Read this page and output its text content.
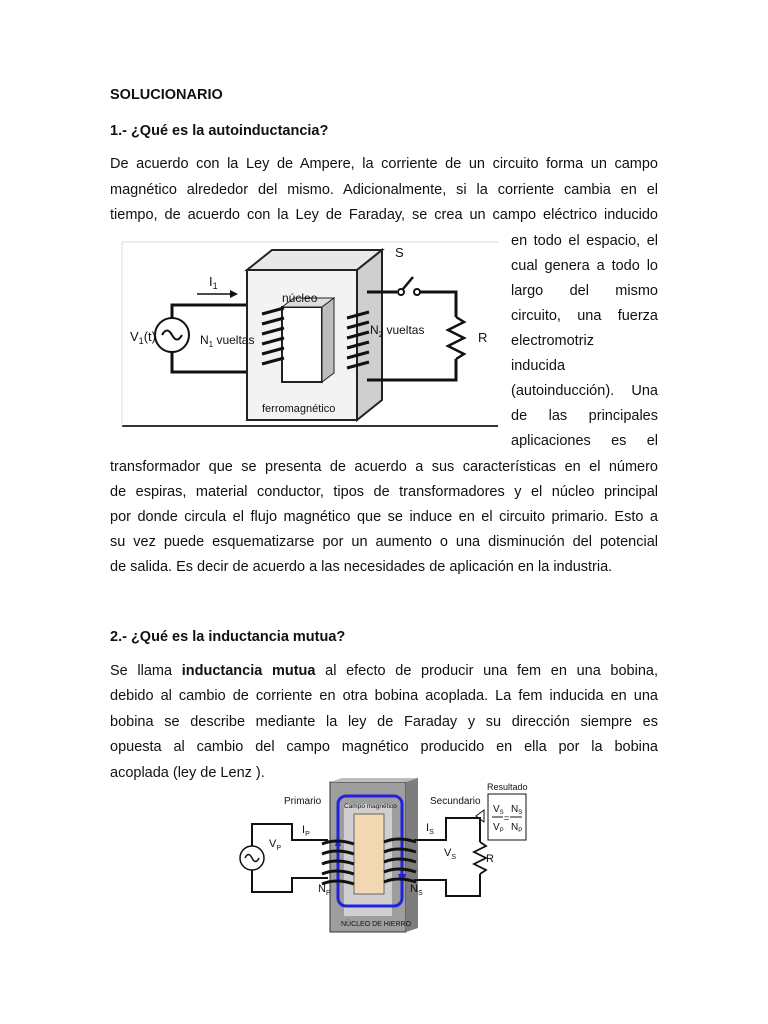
SOLUCIONARIO
1.- ¿Qué es la autoinductancia?
De acuerdo con la Ley de Ampere, la corriente de un circuito forma un campo
magnético alrededor del mismo. Adicionalmente, si la corriente cambia en el
tiempo, de acuerdo con la Ley de Faraday, se crea un campo eléctrico inducido
en todo el espacio, el
cual genera a todo lo
largo del mismo
circuito, una fuerza
electromotriz
inducida
(autoinducción). Una
de las principales
aplicaciones es el
transformador que se presenta de acuerdo a sus características en el número
de espiras, material conductor, tipos de transformadores y el núcleo principal
por donde circula el flujo magnético que se induce en el circuito primario. Esto a
su vez puede esquematizarse por un aumento o una disminución del potencial
de salida. Es decir de acuerdo a las necesidades de aplicación en la industria.
$V_1(t)$
$I_1$
núcleo
$N_1$ vueltas
$N_2$ vueltas
S
R
ferromagnético
2.- ¿Qué es la inductancia mutua?
Se llama inductancia mutua al efecto de producir una fem en una bobina,
debido al cambio de corriente en otra bobina acoplada. La fem inducida en una
bobina se describe mediante la ley de Faraday y su dirección siempre es
opuesta al cambio del campo magnético producido en ella por la bobina
acoplada (ley de Lenz ).
Primario	Secundario
Campo magnético
Resultado
$V_P$
$I_P$
$N_P$
$I_S$
$V_S$
$N_S$
R
NÚCLEO DE HIERRO
$V_S$
$V_P$
=
$N_S$
$N_P$
